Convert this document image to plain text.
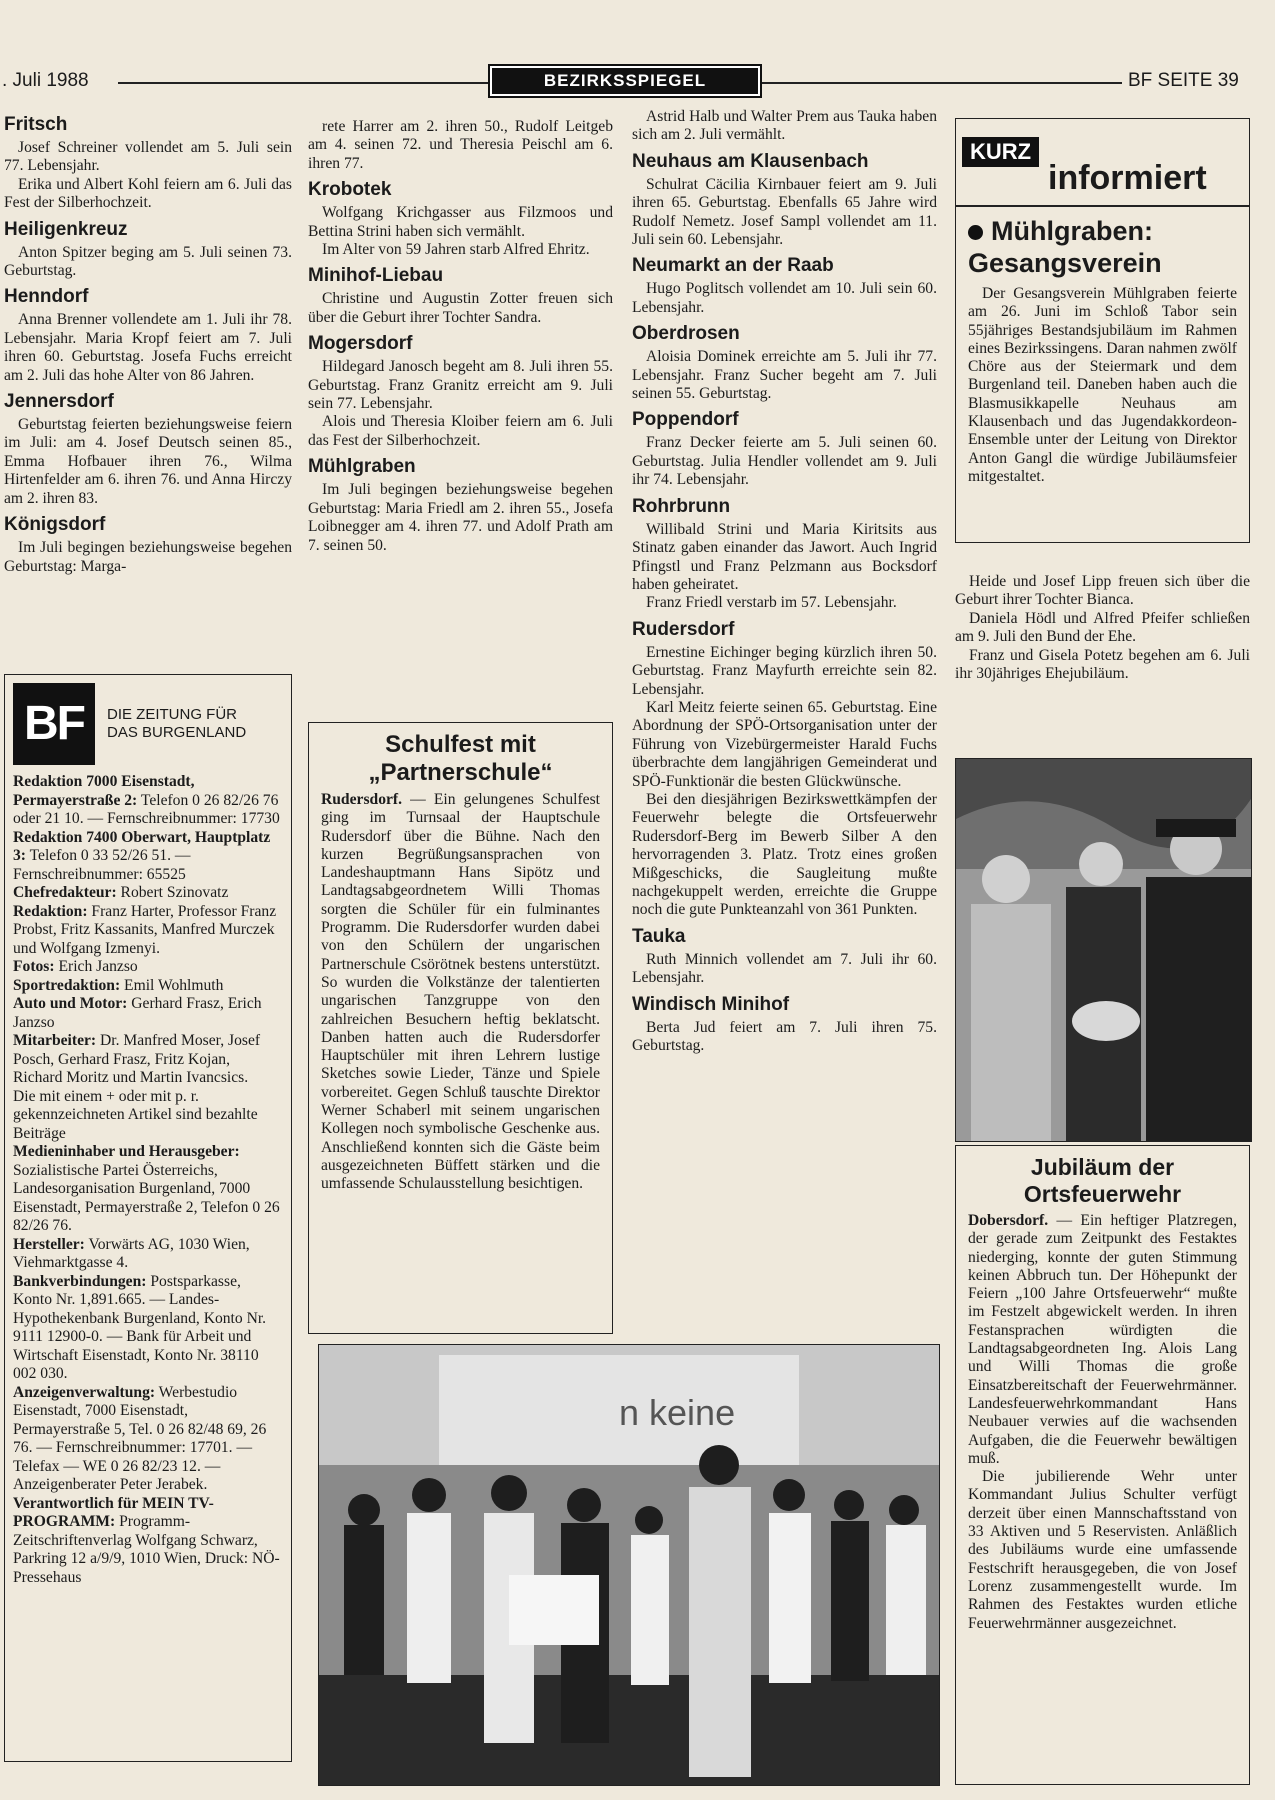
. Juli 1988	BEZIRKSSPIEGEL	BF SEITE 39
Fritsch

Josef Schreiner vollendet am 5. Juli sein 77. Lebensjahr.

Erika und Albert Kohl feiern am 6. Juli das Fest der Silberhochzeit.

Heiligenkreuz

Anton Spitzer beging am 5. Juli seinen 73. Geburtstag.

Henndorf

Anna Brenner vollendete am 1. Juli ihr 78. Lebensjahr. Maria Kropf feiert am 7. Juli ihren 60. Geburtstag. Josefa Fuchs erreicht am 2. Juli das hohe Alter von 86 Jahren.

Jennersdorf

Geburtstag feierten beziehungsweise feiern im Juli: am 4. Josef Deutsch seinen 85., Emma Hofbauer ihren 76., Wilma Hirtenfelder am 6. ihren 76. und Anna Hirczy am 2. ihren 83.

Königsdorf

Im Juli begingen beziehungsweise begehen Geburtstag: Marga-

BF	DIE ZEITUNG FÜR
DAS BURGENLAND

Redaktion 7000 Eisenstadt, Permayerstraße 2: Telefon 0 26 82/26 76 oder 21 10. — Fernschreibnummer: 17730

Redaktion 7400 Oberwart, Hauptplatz 3: Telefon 0 33 52/26 51. — Fernschreibnummer: 65525

Chefredakteur: Robert Szinovatz

Redaktion: Franz Harter, Professor Franz Probst, Fritz Kassanits, Manfred Murczek und Wolfgang Izmenyi.

Fotos: Erich Janzso

Sportredaktion: Emil Wohlmuth

Auto und Motor: Gerhard Frasz, Erich Janzso

Mitarbeiter: Dr. Manfred Moser, Josef Posch, Gerhard Frasz, Fritz Kojan, Richard Moritz und Martin Ivancsics.

Die mit einem + oder mit p. r. gekennzeichneten Artikel sind bezahlte Beiträge

Medieninhaber und Herausgeber: Sozialistische Partei Österreichs, Landesorganisation Burgenland, 7000 Eisenstadt, Permayerstraße 2, Telefon 0 26 82/26 76.

Hersteller: Vorwärts AG, 1030 Wien, Viehmarktgasse 4.

Bankverbindungen: Postsparkasse, Konto Nr. 1,891.665. — Landes-Hypothekenbank Burgenland, Konto Nr. 9111 12900-0. — Bank für Arbeit und Wirtschaft Eisenstadt, Konto Nr. 38110 002 030.

Anzeigenverwaltung: Werbestudio Eisenstadt, 7000 Eisenstadt, Permayerstraße 5, Tel. 0 26 82/48 69, 26 76. — Fernschreibnummer: 17701. — Telefax — WE 0 26 82/23 12. — Anzeigenberater Peter Jerabek.

Verantwortlich für MEIN TV-PROGRAMM: Programm-Zeitschriftenverlag Wolfgang Schwarz, Parkring 12 a/9/9, 1010 Wien, Druck: NÖ-Pressehaus

rete Harrer am 2. ihren 50., Rudolf Leitgeb am 4. seinen 72. und Theresia Peischl am 6. ihren 77.

Krobotek

Wolfgang Krichgasser aus Filzmoos und Bettina Strini haben sich vermählt.

Im Alter von 59 Jahren starb Alfred Ehritz.

Minihof-Liebau

Christine und Augustin Zotter freuen sich über die Geburt ihrer Tochter Sandra.

Mogersdorf

Hildegard Janosch begeht am 8. Juli ihren 55. Geburtstag. Franz Granitz erreicht am 9. Juli sein 77. Lebensjahr.

Alois und Theresia Kloiber feiern am 6. Juli das Fest der Silberhochzeit.

Mühlgraben

Im Juli begingen beziehungsweise begehen Geburtstag: Maria Friedl am 2. ihren 55., Josefa Loibnegger am 4. ihren 77. und Adolf Prath am 7. seinen 50.

Schulfest mit
„Partnerschule“

Rudersdorf. — Ein gelungenes Schulfest ging im Turnsaal der Hauptschule Rudersdorf über die Bühne. Nach den kurzen Begrüßungsansprachen von Landeshauptmann Hans Sipötz und Landtagsabgeordnetem Willi Thomas sorgten die Schüler für ein fulminantes Programm. Die Rudersdorfer wurden dabei von den Schülern der ungarischen Partnerschule Csörötnek bestens unterstützt. So wurden die Volkstänze der talentierten ungarischen Tanzgruppe von den zahlreichen Besuchern heftig beklatscht. Danben hatten auch die Rudersdorfer Hauptschüler mit ihren Lehrern lustige Sketches sowie Lieder, Tänze und Spiele vorbereitet. Gegen Schluß tauschte Direktor Werner Schaberl mit seinem ungarischen Kollegen noch symbolische Geschenke aus. Anschließend konnten sich die Gäste beim ausgezeichneten Büffett stärken und die umfassende Schulausstellung besichtigen.

n keine

Astrid Halb und Walter Prem aus Tauka haben sich am 2. Juli vermählt.

Neuhaus am Klausenbach

Schulrat Cäcilia Kirnbauer feiert am 9. Juli ihren 65. Geburtstag. Ebenfalls 65 Jahre wird Rudolf Nemetz. Josef Sampl vollendet am 11. Juli sein 60. Lebensjahr.

Neumarkt an der Raab

Hugo Poglitsch vollendet am 10. Juli sein 60. Lebensjahr.

Oberdrosen

Aloisia Dominek erreichte am 5. Juli ihr 77. Lebensjahr. Franz Sucher begeht am 7. Juli seinen 55. Geburtstag.

Poppendorf

Franz Decker feierte am 5. Juli seinen 60. Geburtstag. Julia Hendler vollendet am 9. Juli ihr 74. Lebensjahr.

Rohrbrunn

Willibald Strini und Maria Kiritsits aus Stinatz gaben einander das Jawort. Auch Ingrid Pfingstl und Franz Pelzmann aus Bocksdorf haben geheiratet.

Franz Friedl verstarb im 57. Lebensjahr.

Rudersdorf

Ernestine Eichinger beging kürzlich ihren 50. Geburtstag. Franz Mayfurth erreichte sein 82. Lebensjahr.

Karl Meitz feierte seinen 65. Geburtstag. Eine Abordnung der SPÖ-Ortsorganisation unter der Führung von Vizebürgermeister Harald Fuchs überbrachte dem langjährigen Gemeinderat und SPÖ-Funktionär die besten Glückwünsche.

Bei den diesjährigen Bezirkswettkämpfen der Feuerwehr belegte die Ortsfeuerwehr Rudersdorf-Berg im Bewerb Silber A den hervorragenden 3. Platz. Trotz eines großen Mißgeschicks, die Saugleitung mußte nachgekuppelt werden, erreichte die Gruppe noch die gute Punkteanzahl von 361 Punkten.

Tauka

Ruth Minnich vollendet am 7. Juli ihr 60. Lebensjahr.

Windisch Minihof

Berta Jud feiert am 7. Juli ihren 75. Geburtstag.

KURZ
informiert
Mühlgraben:
Gesangsverein

Der Gesangsverein Mühlgraben feierte am 26. Juni im Schloß Tabor sein 55jähriges Bestandsjubiläum im Rahmen eines Bezirkssingens. Daran nahmen zwölf Chöre aus der Steiermark und dem Burgenland teil. Daneben haben auch die Blasmusikkapelle Neuhaus am Klausenbach und das Jugendakkordeon-Ensemble unter der Leitung von Direktor Anton Gangl die würdige Jubiläumsfeier mitgestaltet.

Heide und Josef Lipp freuen sich über die Geburt ihrer Tochter Bianca.

Daniela Hödl und Alfred Pfeifer schließen am 9. Juli den Bund der Ehe.

Franz und Gisela Potetz begehen am 6. Juli ihr 30jähriges Ehejubiläum.

Jubiläum der
Ortsfeuerwehr

Dobersdorf. — Ein heftiger Platzregen, der gerade zum Zeitpunkt des Festaktes niederging, konnte der guten Stimmung keinen Abbruch tun. Der Höhepunkt der Feiern „100 Jahre Ortsfeuerwehr“ mußte im Festzelt abgewickelt werden. In ihren Festansprachen würdigten die Landtagsabgeordneten Ing. Alois Lang und Willi Thomas die große Einsatzbereitschaft der Feuerwehrmänner. Landesfeuerwehrkommandant Hans Neubauer verwies auf die wachsenden Aufgaben, die die Feuerwehr bewältigen muß.

Die jubilierende Wehr unter Kommandant Julius Schulter verfügt derzeit über einen Mannschaftsstand von 33 Aktiven und 5 Reservisten. Anläßlich des Jubiläums wurde eine umfassende Festschrift herausgegeben, die von Josef Lorenz zusammengestellt wurde. Im Rahmen des Festaktes wurden etliche Feuerwehrmänner ausgezeichnet.
